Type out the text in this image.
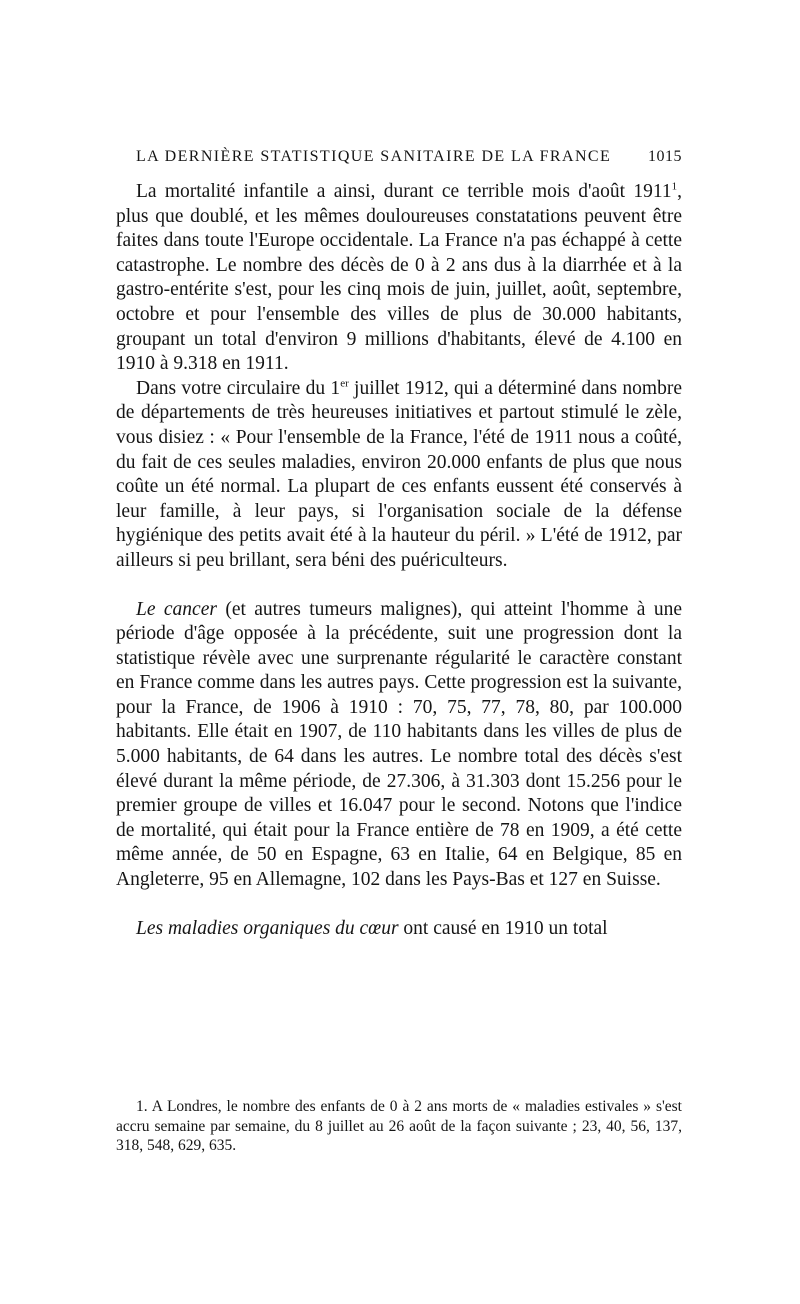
LA DERNIÈRE STATISTIQUE SANITAIRE DE LA FRANCE 1015

La mortalité infantile a ainsi, durant ce terrible mois d'août 1911$^1$, plus que doublé, et les mêmes douloureuses constatations peuvent être faites dans toute l'Europe occidentale. La France n'a pas échappé à cette catastrophe. Le nombre des décès de 0 à 2 ans dus à la diarrhée et à la gastro-entérite s'est, pour les cinq mois de juin, juillet, août, septembre, octobre et pour l'ensemble des villes de plus de 30.000 habitants, groupant un total d'environ 9 millions d'habitants, élevé de 4.100 en 1910 à 9.318 en 1911.

Dans votre circulaire du 1er juillet 1912, qui a déterminé dans nombre de départements de très heureuses initiatives et partout stimulé le zèle, vous disiez : « Pour l'ensemble de la France, l'été de 1911 nous a coûté, du fait de ces seules maladies, environ 20.000 enfants de plus que nous coûte un été normal. La plupart de ces enfants eussent été conservés à leur famille, à leur pays, si l'organisation sociale de la défense hygiénique des petits avait été à la hauteur du péril. » L'été de 1912, par ailleurs si peu brillant, sera béni des puériculteurs.

Le cancer (et autres tumeurs malignes), qui atteint l'homme à une période d'âge opposée à la précédente, suit une progression dont la statistique révèle avec une surprenante régularité le caractère constant en France comme dans les autres pays. Cette progression est la suivante, pour la France, de 1906 à 1910 : 70, 75, 77, 78, 80, par 100.000 habitants. Elle était en 1907, de 110 habitants dans les villes de plus de 5.000 habitants, de 64 dans les autres. Le nombre total des décès s'est élevé durant la même période, de 27.306, à 31.303 dont 15.256 pour le premier groupe de villes et 16.047 pour le second. Notons que l'indice de mortalité, qui était pour la France entière de 78 en 1909, a été cette même année, de 50 en Espagne, 63 en Italie, 64 en Belgique, 85 en Angleterre, 95 en Allemagne, 102 dans les Pays-Bas et 127 en Suisse.

Les maladies organiques du cœur ont causé en 1910 un total

1. A Londres, le nombre des enfants de 0 à 2 ans morts de « maladies estivales » s'est accru semaine par semaine, du 8 juillet au 26 août de la façon suivante ; 23, 40, 56, 137, 318, 548, 629, 635.
